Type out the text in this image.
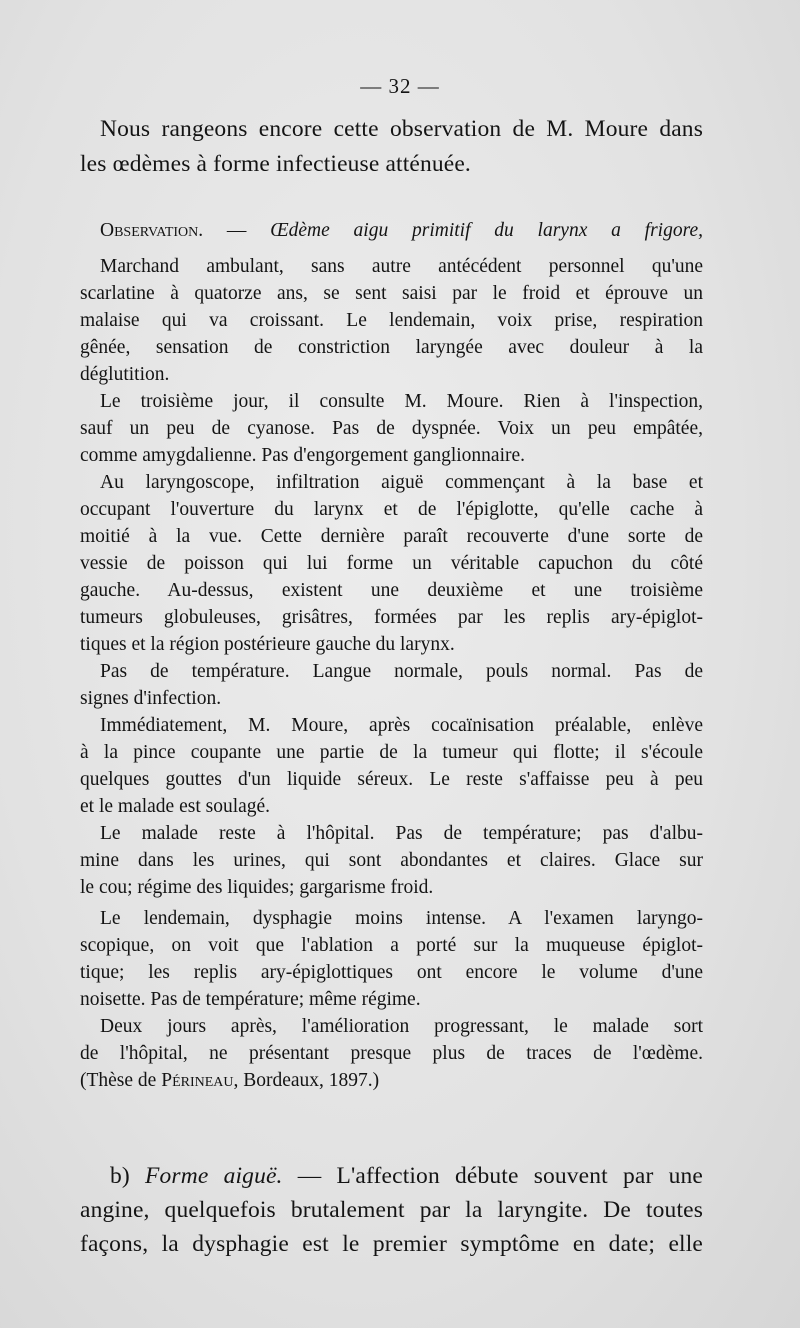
— 32 —
Nous rangeons encore cette observation de M. Moure dans
les œdèmes à forme infectieuse atténuée.
Observation. — Œdème aigu primitif du larynx a frigore,
Marchand ambulant, sans autre antécédent personnel qu'une
scarlatine à quatorze ans, se sent saisi par le froid et éprouve un
malaise qui va croissant. Le lendemain, voix prise, respiration
gênée, sensation de constriction laryngée avec douleur à la
déglutition.
Le troisième jour, il consulte M. Moure. Rien à l'inspection,
sauf un peu de cyanose. Pas de dyspnée. Voix un peu empâtée,
comme amygdalienne. Pas d'engorgement ganglionnaire.
Au laryngoscope, infiltration aiguë commençant à la base et
occupant l'ouverture du larynx et de l'épiglotte, qu'elle cache à
moitié à la vue. Cette dernière paraît recouverte d'une sorte de
vessie de poisson qui lui forme un véritable capuchon du côté
gauche. Au-dessus, existent une deuxième et une troisième
tumeurs globuleuses, grisâtres, formées par les replis ary-épiglot-
tiques et la région postérieure gauche du larynx.
Pas de température. Langue normale, pouls normal. Pas de
signes d'infection.
Immédiatement, M. Moure, après cocaïnisation préalable, enlève
à la pince coupante une partie de la tumeur qui flotte; il s'écoule
quelques gouttes d'un liquide séreux. Le reste s'affaisse peu à peu
et le malade est soulagé.
Le malade reste à l'hôpital. Pas de température; pas d'albu-
mine dans les urines, qui sont abondantes et claires. Glace sur
le cou; régime des liquides; gargarisme froid.
Le lendemain, dysphagie moins intense. A l'examen laryngo-
scopique, on voit que l'ablation a porté sur la muqueuse épiglot-
tique; les replis ary-épiglottiques ont encore le volume d'une
noisette. Pas de température; même régime.
Deux jours après, l'amélioration progressant, le malade sort
de l'hôpital, ne présentant presque plus de traces de l'œdème.
(Thèse de Périneau, Bordeaux, 1897.)
b) Forme aiguë. — L'affection débute souvent par une
angine, quelquefois brutalement par la laryngite. De toutes
façons, la dysphagie est le premier symptôme en date; elle
